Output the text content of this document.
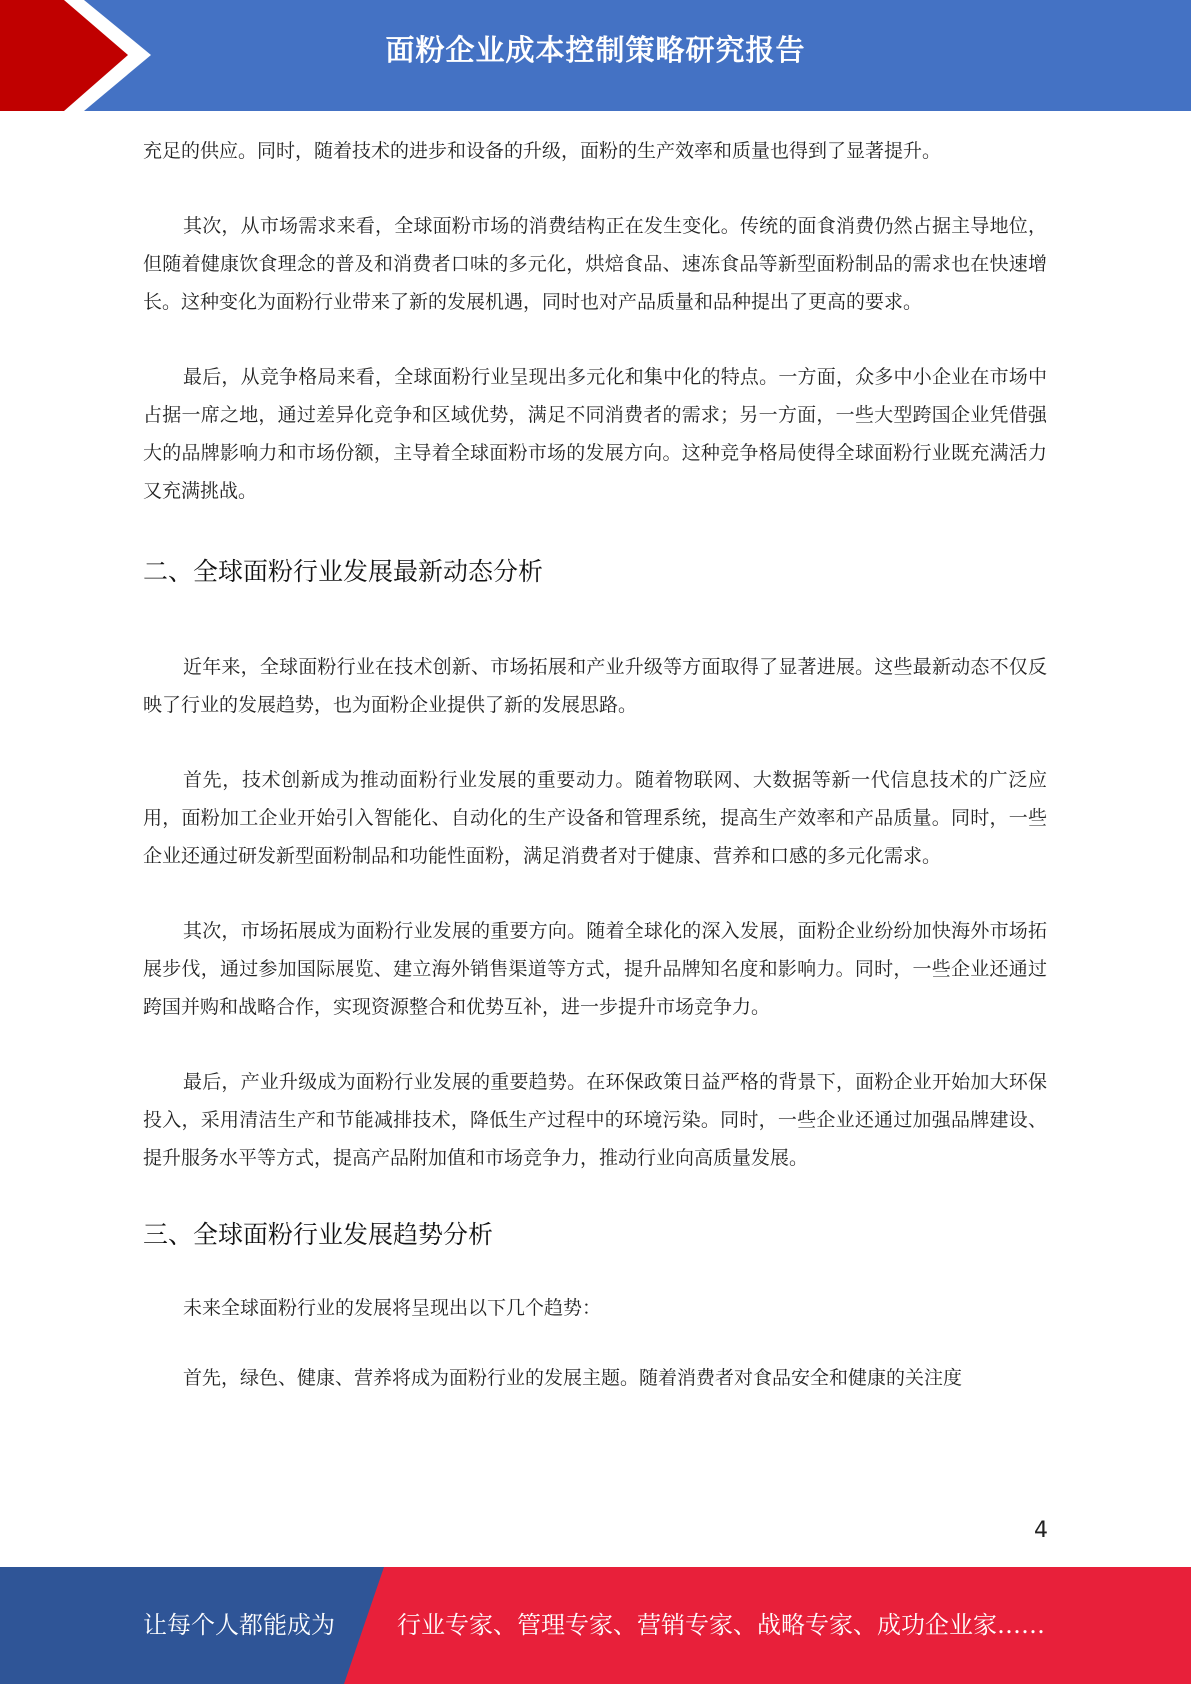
面粉企业成本控制策略研究报告

充足的供应。同时，随着技术的进步和设备的升级，面粉的生产效率和质量也得到了显著提升。

其次，从市场需求来看，全球面粉市场的消费结构正在发生变化。传统的面食消费仍然占据主导地位，但随着健康饮食理念的普及和消费者口味的多元化，烘焙食品、速冻食品等新型面粉制品的需求也在快速增长。这种变化为面粉行业带来了新的发展机遇，同时也对产品质量和品种提出了更高的要求。

最后，从竞争格局来看，全球面粉行业呈现出多元化和集中化的特点。一方面，众多中小企业在市场中占据一席之地，通过差异化竞争和区域优势，满足不同消费者的需求；另一方面，一些大型跨国企业凭借强大的品牌影响力和市场份额，主导着全球面粉市场的发展方向。这种竞争格局使得全球面粉行业既充满活力又充满挑战。

二、全球面粉行业发展最新动态分析

近年来，全球面粉行业在技术创新、市场拓展和产业升级等方面取得了显著进展。这些最新动态不仅反映了行业的发展趋势，也为面粉企业提供了新的发展思路。

首先，技术创新成为推动面粉行业发展的重要动力。随着物联网、大数据等新一代信息技术的广泛应用，面粉加工企业开始引入智能化、自动化的生产设备和管理系统，提高生产效率和产品质量。同时，一些企业还通过研发新型面粉制品和功能性面粉，满足消费者对于健康、营养和口感的多元化需求。

其次，市场拓展成为面粉行业发展的重要方向。随着全球化的深入发展，面粉企业纷纷加快海外市场拓展步伐，通过参加国际展览、建立海外销售渠道等方式，提升品牌知名度和影响力。同时，一些企业还通过跨国并购和战略合作，实现资源整合和优势互补，进一步提升市场竞争力。

最后，产业升级成为面粉行业发展的重要趋势。在环保政策日益严格的背景下，面粉企业开始加大环保投入，采用清洁生产和节能减排技术，降低生产过程中的环境污染。同时，一些企业还通过加强品牌建设、提升服务水平等方式，提高产品附加值和市场竞争力，推动行业向高质量发展。

三、全球面粉行业发展趋势分析

未来全球面粉行业的发展将呈现出以下几个趋势：

首先，绿色、健康、营养将成为面粉行业的发展主题。随着消费者对食品安全和健康的关注度

4
让每个人都能成为	行业专家、管理专家、营销专家、战略专家、成功企业家……
